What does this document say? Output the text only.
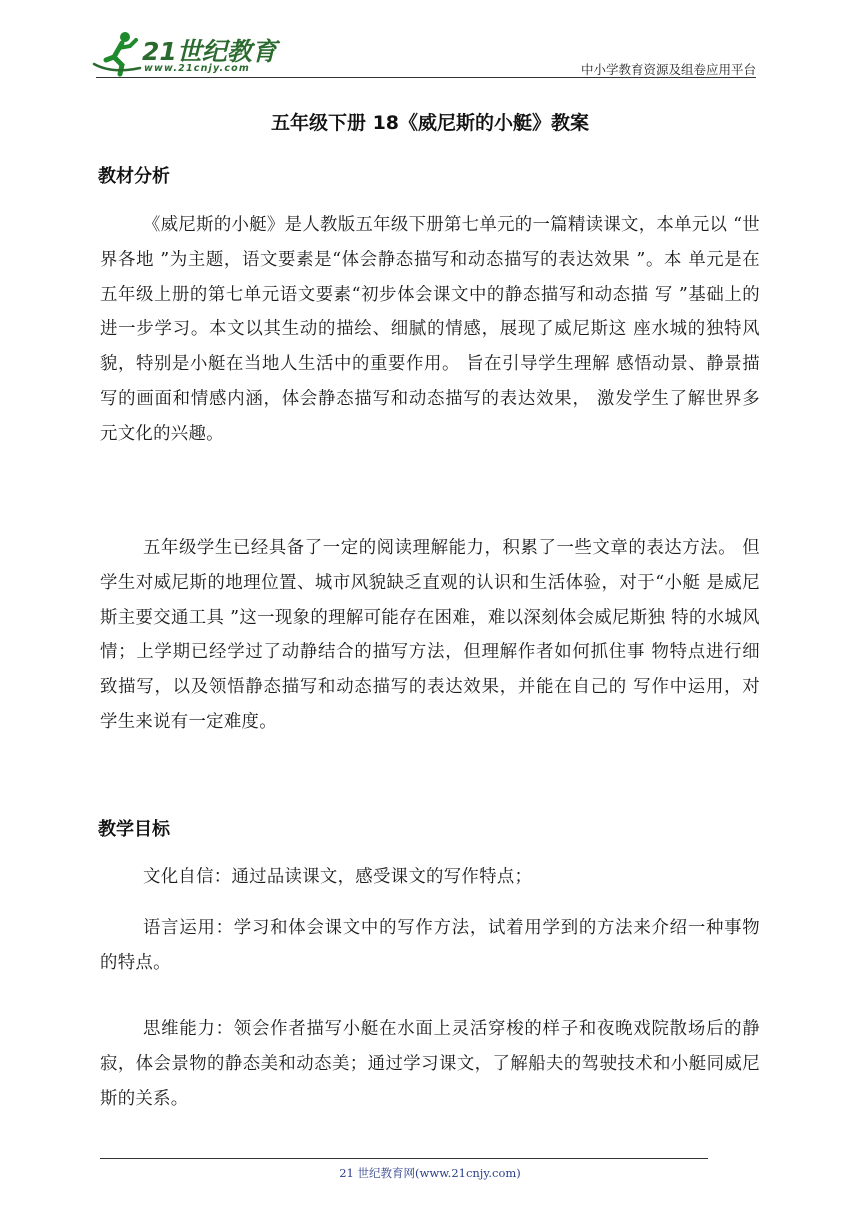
21世纪教育
www.21cnjy.com	中小学教育资源及组卷应用平台
五年级下册 18《威尼斯的小艇》教案
教材分析

《威尼斯的小艇》是人教版五年级下册第七单元的一篇精读课文，本单元以 “世界各地 ”为主题，语文要素是“体会静态描写和动态描写的表达效果 ”。本 单元是在五年级上册的第七单元语文要素“初步体会课文中的静态描写和动态描 写 ”基础上的进一步学习。本文以其生动的描绘、细腻的情感，展现了威尼斯这 座水城的独特风貌，特别是小艇在当地人生活中的重要作用。 旨在引导学生理解 感悟动景、静景描写的画面和情感内涵，体会静态描写和动态描写的表达效果， 激发学生了解世界多元文化的兴趣。

五年级学生已经具备了一定的阅读理解能力，积累了一些文章的表达方法。 但学生对威尼斯的地理位置、城市风貌缺乏直观的认识和生活体验，对于“小艇 是威尼斯主要交通工具 ”这一现象的理解可能存在困难，难以深刻体会威尼斯独 特的水城风情；上学期已经学过了动静结合的描写方法，但理解作者如何抓住事 物特点进行细致描写，以及领悟静态描写和动态描写的表达效果，并能在自己的 写作中运用，对学生来说有一定难度。

教学目标

文化自信：通过品读课文，感受课文的写作特点；

语言运用：学习和体会课文中的写作方法，试着用学到的方法来介绍一种事物的特点。

思维能力：领会作者描写小艇在水面上灵活穿梭的样子和夜晚戏院散场后的静寂，体会景物的静态美和动态美；通过学习课文，了解船夫的驾驶技术和小艇同威尼斯的关系。

21 世纪教育网(www.21cnjy.com)
